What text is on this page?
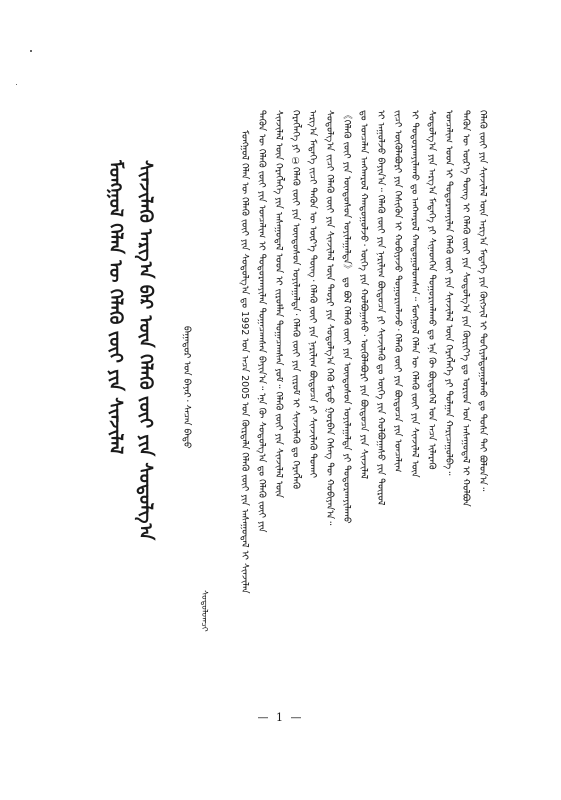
ᠮᠣᠩᠭᠤᠯ ᠬᠡᠯᠡᠨ ᠦ ᠬᠡᠯᠡᠬᠦ ᠵᠦᠢ ᠶᠢᠨ ᠰᠢᠨᠵᠢᠯᠡᠯ ᠰᠢᠨᠵᠢᠯᠡᠬᠦ ᠠᠷᠭ᠎ᠠ ᠪᠠᠷ ᠦᠨ ᠬᠡᠯᠡᠬᠦ ᠵᠦᠢ ᠶᠢᠨ ᠰᠤᠳᠤᠯᠭ᠎ᠠ	ᠪᠠᠭᠠᠲᠤᠷ ᠤᠨ ᠪᠠᠶᠠᠷ᠂ ᠰᠡᠴᠡᠨ ᠪᠠᠲᠤ
ᠰᠤᠳᠤᠯᠤᠭᠴᠢ
ᠮᠣᠩᠭᠤᠯ ᠬᠡᠯᠡᠨ ᠦ ᠬᠡᠯᠡᠬᠦ ᠵᠦᠢ ᠶᠢᠨ ᠰᠤᠳᠤᠯᠭ᠎ᠠ ᠳᠤ 1992 ᠣᠨ ᠠᠴᠠ 2005 ᠣᠨ ᠬᠦᠷᠲᠡᠯᠡ ᠬᠡᠯᠡᠬᠦ ᠵᠦᠢ ᠶᠢᠨ ᠠᠰᠠᠭᠤᠳᠠᠯ ᠢ ᠰᠢᠨᠵᠢᠯᠡᠨ ᠲᠡᠭᠦᠨ ᠦ ᠬᠡᠯᠡᠬᠦ ᠵᠦᠢ ᠶᠢᠨ ᠣᠨᠴᠠᠯᠢᠭ ᠢ ᠲᠣᠳᠣᠷᠬᠠᠶᠢᠯᠠᠨ ᠲᠣᠭᠠᠴᠠᠭᠰᠠᠨ ᠪᠠᠶᠢᠨ᠎ᠠ᠃ ᠡᠨᠡ ᠬᠦ ᠰᠤᠳᠤᠯᠭ᠎ᠠ ᠳᠤ ᠬᠡᠯᠡᠬᠦ ᠵᠦᠢ ᠶᠢᠨ ᠰᠢᠨᠵᠢᠯᠡᠯ ᠦᠨ ᠬᠡᠷᠡᠭᠯᠡᠭᠡ ᠶᠢᠨ ᠠᠰᠠᠭᠤᠳᠠᠯ ᠤᠳ ᠢ ᠵᠢᠷᠤᠮᠯᠠᠨ ᠲᠣᠭᠠᠴᠠᠭᠰᠠᠨ ᠶᠤᠮ᠃ ᠬᠡᠯᠡᠬᠦ ᠵᠦᠢ ᠶᠢᠨ ᠰᠢᠨᠵᠢᠯᠡᠯ ᠦᠨ ᠬᠡᠷᠡᠭᠯᠡᠭᠡ ᠶᠢ ①ᠬᠡᠯᠡᠬᠦ ᠵᠦᠢ ᠶᠢᠨ ᠦᠨᠳᠦᠰᠦᠨ ᠣᠶᠢᠯᠠᠭᠠᠯᠲᠠ᠂ ᠬᠡᠯᠡᠬᠦ ᠵᠦᠢ ᠶᠢᠨ ᠵᠢᠷᠤᠮ ᠢ ᠰᠢᠨᠵᠢᠯᠡᠬᠦ ᠳᠤ ᠬᠡᠷᠡᠭᠯᠡᠬᠦ ᠠᠷᠭ᠎ᠠ ᠮᠡᠳᠡᠭᠡ ᠵᠢᠴᠢ ᠲᠡᠭᠦᠨ ᠦ ᠦᠷ᠎ᠡ ᠳᠦᠩ᠂ ᠬᠡᠯᠡᠬᠦ ᠵᠦᠢ ᠶᠢᠨ ᠨᠠᠷᠢᠯᠢᠭ ᠪᠦᠲᠦᠴᠡ ᠶᠢ ᠰᠢᠨᠵᠢᠯᠡᠬᠦ ᠲᠤᠬᠠᠢ ᠰᠤᠳᠤᠯᠭ᠎ᠠ ᠵᠢᠴᠢ ᠬᠡᠯᠡᠬᠦ ᠵᠦᠢ ᠶᠢᠨ ᠰᠢᠨᠵᠢᠯᠡᠯ ᠦᠨ ᠲᠡᠤᠷᠢ ᠶᠢᠨ ᠰᠤᠳᠤᠯᠭ᠎ᠠ ᠭᠡᠬᠦ ᠮᠡᠲᠦ ᠭᠤᠷᠪᠠᠨ ᠬᠡᠰᠡᠭ ᠲᠦ ᠬᠤᠪᠢᠶᠠᠨ᠎ᠠ᠃ 《ᠬᠡᠯᠡᠬᠦ ᠵᠦᠢ ᠶᠢᠨ ᠦᠨᠳᠦᠰᠦᠨ ᠣᠶᠢᠯᠠᠭᠠᠯᠲᠠ》 ᠳᠤ ᠪᠤᠯ ᠬᠡᠯᠡᠬᠦ ᠵᠦᠢ ᠶᠢᠨ ᠦᠨᠳᠦᠰᠦᠨ ᠣᠶᠢᠯᠠᠭᠠᠯᠲᠠ ᠶᠢ ᠲᠣᠳᠣᠷᠬᠠᠶᠢᠯᠠᠬᠤ ᠳᠤ ᠣᠨᠴᠠᠯᠠᠨ ᠠᠩᠬᠠᠷᠤᠯ ᠬᠠᠨᠳᠤᠭᠤᠯᠵᠤ᠂ ᠦᠭᠡ ᠶᠢᠨ ᠬᠣᠯᠪᠤᠭᠠᠰᠤ᠂ ᠥᠭᠦᠯᠡᠪᠦᠷᠢ ᠶᠢᠨ ᠪᠦᠲᠦᠴᠡ ᠶᠢᠨ ᠰᠢᠨᠵᠢᠯᠡᠯ ᠢ ᠠᠭᠤᠯᠵᠤ ᠪᠠᠶᠢᠨ᠎ᠠ᠃ ᠬᠡᠯᠡᠬᠦ ᠵᠦᠢ ᠶᠢᠨ ᠨᠠᠷᠢᠯᠢᠭ ᠪᠦᠲᠦᠴᠡ ᠶᠢ ᠰᠢᠨᠵᠢᠯᠡᠬᠦ ᠳᠤ ᠦᠭᠡ ᠶᠢᠨ ᠬᠣᠯᠪᠤᠭᠠᠰᠤ ᠶᠢᠨ ᠲᠦᠷᠦᠯ ᠵᠢᠴᠢ ᠥᠭᠦᠯᠡᠪᠦᠷᠢ ᠶᠢᠨ ᠭᠡᠰᠢᠭᠦᠨ ᠢ ᠬᠤᠪᠢᠶᠠᠵᠤ ᠲᠣᠭᠤᠷᠢᠭᠯᠠᠵᠤ᠂ ᠬᠡᠯᠡᠬᠦ ᠵᠦᠢ ᠶᠢᠨ ᠪᠦᠲᠦᠴᠡ ᠶᠢᠨ ᠣᠨᠴᠠᠯᠢᠭ ᠢ ᠲᠣᠳᠣᠷᠬᠠᠶᠢᠯᠠᠬᠤ ᠳᠤ ᠠᠩᠬᠠᠷᠤᠯ ᠬᠠᠨᠳᠤᠭᠤᠯᠤᠭᠰᠠᠨ᠃ ᠮᠣᠩᠭᠤᠯ ᠬᠡᠯᠡᠨ ᠦ ᠬᠡᠯᠡᠬᠦ ᠵᠦᠢ ᠶᠢᠨ ᠰᠢᠨᠵᠢᠯᠡᠯ ᠦᠨ ᠰᠤᠳᠤᠯᠭ᠎ᠠ ᠶᠢᠨ ᠠᠷᠭ᠎ᠠ ᠮᠡᠳᠡᠭᠡ ᠶᠢ ᠰᠢᠨᠡᠳᠬᠡᠨ ᠲᠣᠭᠤᠷᠢᠭᠯᠠᠬᠤ ᠳᠤ ᠡᠨᠡ ᠬᠦ ᠪᠦᠲᠦᠭᠡᠯ ᠤᠨ ᠠᠴᠠ ᠢᠯᠡᠷᠡᠬᠦ ᠣᠨᠴᠠᠯᠢᠭ ᠤᠳ ᠢ ᠲᠣᠳᠣᠷᠬᠠᠶᠢᠯᠠᠨ ᠬᠡᠯᠡᠬᠦ ᠵᠦᠢ ᠶᠢᠨ ᠰᠢᠨᠵᠢᠯᠡᠯ ᠦᠨ ᠬᠡᠷᠡᠭᠯᠡᠭᠡ ᠶᠢ ᠲᠤᠯᠭᠠᠨ ᠬᠠᠷᠢᠴᠠᠭᠤᠯᠪᠠ᠃ ᠲᠡᠭᠦᠨ ᠦ ᠦᠷ᠎ᠡ ᠳᠦᠩ ᠢ ᠬᠡᠯᠡᠬᠦ ᠵᠦᠢ ᠶᠢᠨ ᠰᠤᠳᠤᠯᠭ᠎ᠠ ᠶᠢᠨ ᠬᠦᠷᠢᠶ᠎ᠡ ᠳᠤ ᠤᠷᠢᠳ ᠤᠨ ᠠᠰᠠᠭᠤᠳᠠᠯ ᠢ ᠬᠣᠯᠪᠣᠨ ᠬᠡᠯᠡᠬᠦ ᠵᠦᠢ ᠶᠢᠨ ᠰᠢᠨᠵᠢᠯᠡᠯ ᠦᠨ ᠠᠷᠭ᠎ᠠ ᠮᠡᠳᠡᠭᠡ ᠶᠢᠨ ᠬᠥᠭᠵᠢᠯ ᠢ ᠲᠣᠬᠢᠶᠠᠯᠳᠤᠭᠤᠯᠬᠤ ᠳᠤ ᠲᠤᠰᠠ ᠲᠠᠢ ᠪᠣᠯᠤᠨ᠎ᠠ᠃
— 1 —
